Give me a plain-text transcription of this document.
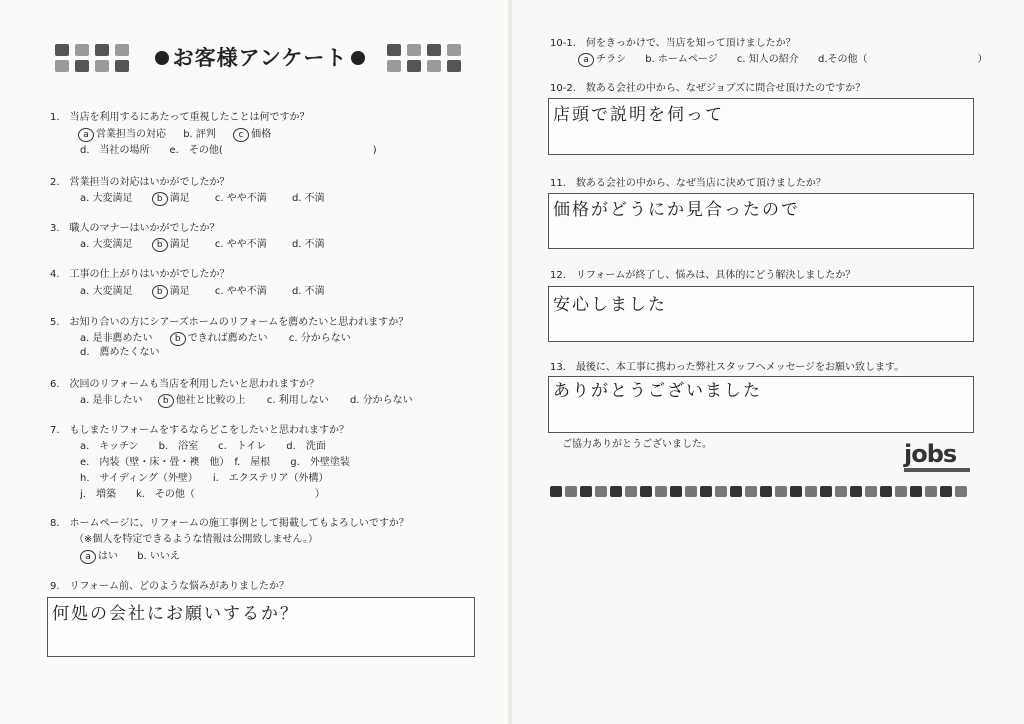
お客様アンケート
1.　当店を利用するにあたって重視したことは何ですか？
a 営業担当の対応 b. 評判	c 価格
d.　当社の場所　　e.　その他(　　　　　　　　　　　　　　　)
2.　営業担当の対応はいかがでしたか？
a. 大変満足	b 満足	c. やや不満	d. 不満
3.　職人のマナーはいかがでしたか？
a. 大変満足	b 満足	c. やや不満	d. 不満
4.　工事の仕上がりはいかがでしたか？
a. 大変満足	b 満足	c. やや不満	d. 不満
5.　お知り合いの方にシアーズホームのリフォームを薦めたいと思われますか？
a. 是非薦めたい b できれば薦めたい c. 分からない
d.　薦めたくない
6.　次回のリフォームも当店を利用したいと思われますか？
a. 是非したい b 他社と比較の上 c. 利用しない d. 分からない
7.　もしまたリフォームをするならどこをしたいと思われますか？
a.　キッチン　　b.　浴室　　c.　トイレ　　d.　洗面
e.　内装（壁・床・畳・襖　他）　f.　屋根　　g.　外壁塗装
h.　サイディング（外壁）　　i.　エクステリア（外構）
j.　増築　　k.　その他（　　　　　　　　　　　　）
8.　ホームページに、リフォームの施工事例として掲載してもよろしいですか？
（※個人を特定できるような情報は公開致しません。）
a はい b. いいえ
9.　リフォーム前、どのような悩みがありましたか？
何処の会社にお願いするか？
10-1.　何をきっかけで、当店を知って頂けましたか？
a チラシ b. ホームページ c. 知人の紹介 d.その他（　　　　　　　　　　　）
10-2.　数ある会社の中から、なぜジョブズに問合せ頂けたのですか？
店頭で説明を伺って
11.　数ある会社の中から、なぜ当店に決めて頂けましたか？
価格がどうにか見合ったので
12.　リフォームが終了し、悩みは、具体的にどう解決しましたか？
安心しました
13.　最後に、本工事に携わった弊社スタッフへメッセージをお願い致します。
ありがとうございました
ご協力ありがとうございました。	jobs
